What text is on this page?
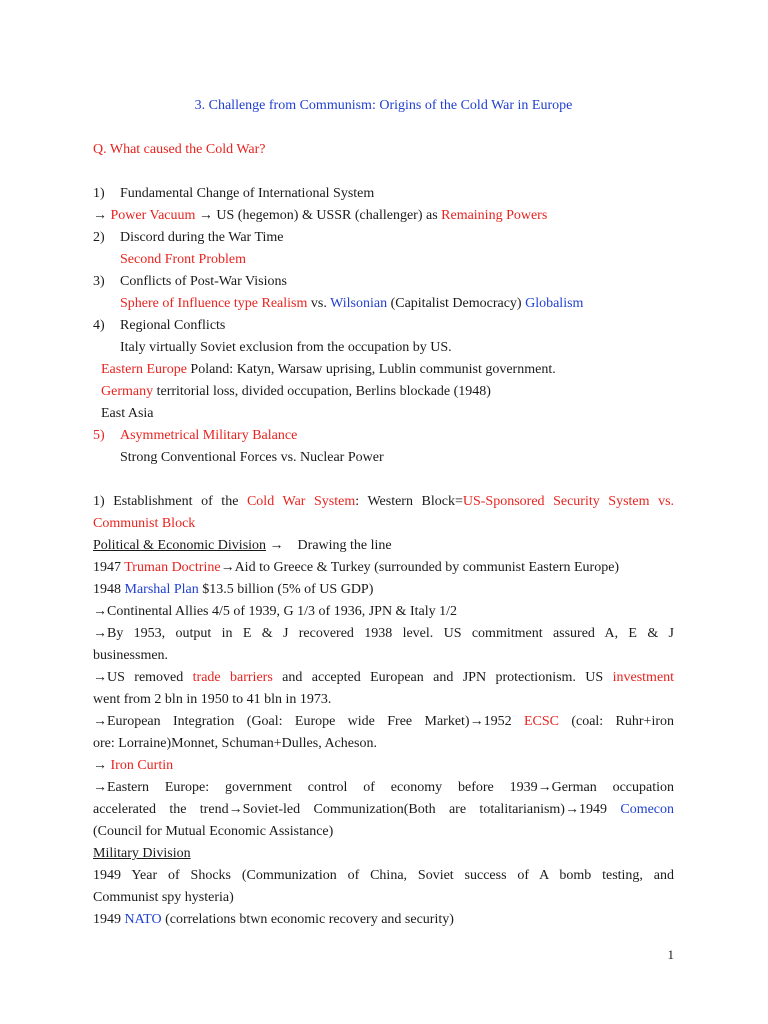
3. Challenge from Communism: Origins of the Cold War in Europe
Q. What caused the Cold War?
1) Fundamental Change of International System
→ Power Vacuum → US (hegemon) & USSR (challenger) as Remaining Powers
2) Discord during the War Time
Second Front Problem
3) Conflicts of Post-War Visions
Sphere of Influence type Realism vs. Wilsonian (Capitalist Democracy) Globalism
4) Regional Conflicts
Italy virtually Soviet exclusion from the occupation by US.
Eastern Europe Poland: Katyn, Warsaw uprising, Lublin communist government.
Germany territorial loss, divided occupation, Berlins blockade (1948)
East Asia
5) Asymmetrical Military Balance
Strong Conventional Forces vs. Nuclear Power
1) Establishment of the Cold War System: Western Block=US-Sponsored Security System vs.
Communist Block
Political & Economic Division →    Drawing the line
1947 Truman Doctrine→Aid to Greece & Turkey (surrounded by communist Eastern Europe)
1948 Marshal Plan $13.5 billion (5% of US GDP)
→Continental Allies 4/5 of 1939, G 1/3 of 1936, JPN & Italy 1/2
→By 1953, output in E & J recovered 1938 level. US commitment assured A, E & J
businessmen.
→US removed trade barriers and accepted European and JPN protectionism. US investment
went from 2 bln in 1950 to 41 bln in 1973.
→European Integration (Goal: Europe wide Free Market)→1952 ECSC (coal: Ruhr+iron
ore: Lorraine)Monnet, Schuman+Dulles, Acheson.
→ Iron Curtin
→Eastern Europe: government control of economy before 1939→German occupation
accelerated the trend→Soviet-led Communization(Both are totalitarianism)→1949 Comecon
(Council for Mutual Economic Assistance)
Military Division
1949 Year of Shocks (Communization of China, Soviet success of A bomb testing, and
Communist spy hysteria)
1949 NATO (correlations btwn economic recovery and security)
1
